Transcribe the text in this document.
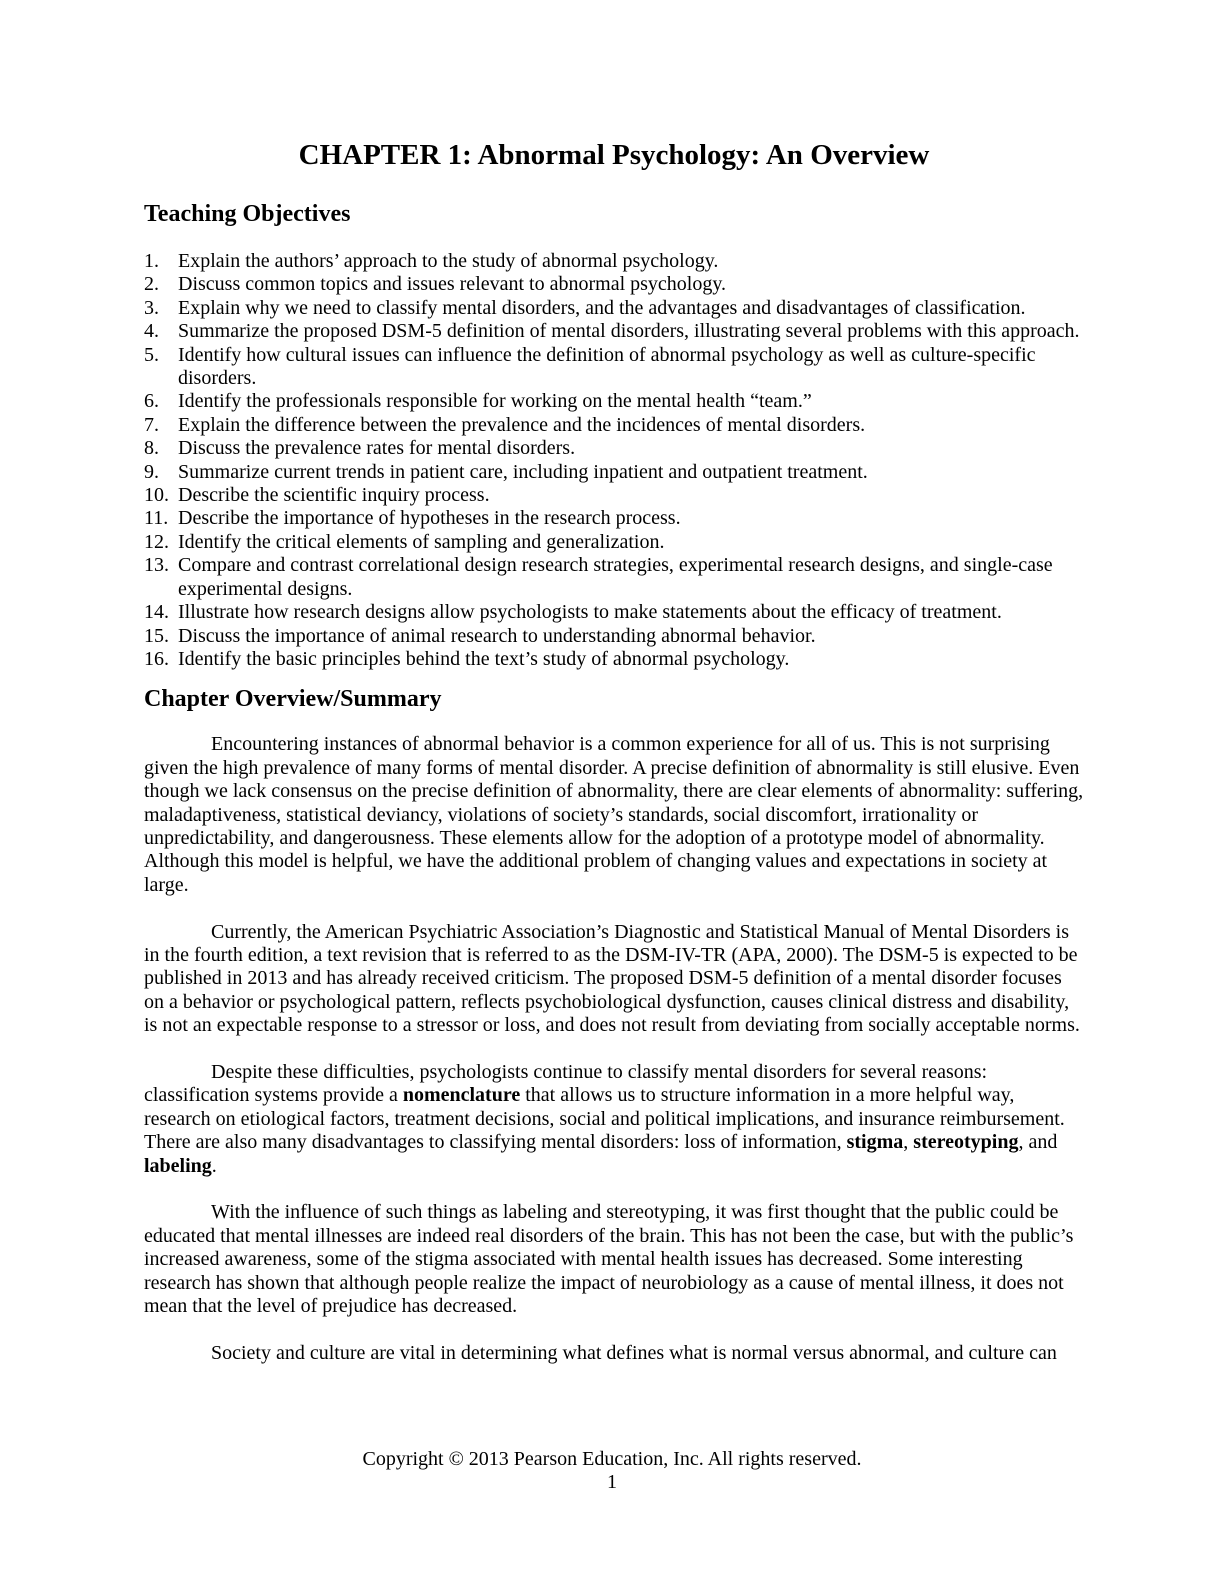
CHAPTER 1: Abnormal Psychology: An Overview
Teaching Objectives
1. Explain the authors’ approach to the study of abnormal psychology.
2. Discuss common topics and issues relevant to abnormal psychology.
3. Explain why we need to classify mental disorders, and the advantages and disadvantages of classification.
4. Summarize the proposed DSM-5 definition of mental disorders, illustrating several problems with this approach.
5. Identify how cultural issues can influence the definition of abnormal psychology as well as culture-specific disorders.
6. Identify the professionals responsible for working on the mental health “team.”
7. Explain the difference between the prevalence and the incidences of mental disorders.
8. Discuss the prevalence rates for mental disorders.
9. Summarize current trends in patient care, including inpatient and outpatient treatment.
10. Describe the scientific inquiry process.
11. Describe the importance of hypotheses in the research process.
12. Identify the critical elements of sampling and generalization.
13. Compare and contrast correlational design research strategies, experimental research designs, and single-case experimental designs.
14. Illustrate how research designs allow psychologists to make statements about the efficacy of treatment.
15. Discuss the importance of animal research to understanding abnormal behavior.
16. Identify the basic principles behind the text’s study of abnormal psychology.
Chapter Overview/Summary

Encountering instances of abnormal behavior is a common experience for all of us. This is not surprising given the high prevalence of many forms of mental disorder. A precise definition of abnormality is still elusive. Even though we lack consensus on the precise definition of abnormality, there are clear elements of abnormality: suffering, maladaptiveness, statistical deviancy, violations of society’s standards, social discomfort, irrationality or unpredictability, and dangerousness. These elements allow for the adoption of a prototype model of abnormality. Although this model is helpful, we have the additional problem of changing values and expectations in society at large.

Currently, the American Psychiatric Association’s Diagnostic and Statistical Manual of Mental Disorders is in the fourth edition, a text revision that is referred to as the DSM-IV-TR (APA, 2000). The DSM-5 is expected to be published in 2013 and has already received criticism. The proposed DSM-5 definition of a mental disorder focuses on a behavior or psychological pattern, reflects psychobiological dysfunction, causes clinical distress and disability, is not an expectable response to a stressor or loss, and does not result from deviating from socially acceptable norms.

Despite these difficulties, psychologists continue to classify mental disorders for several reasons: classification systems provide a nomenclature that allows us to structure information in a more helpful way, research on etiological factors, treatment decisions, social and political implications, and insurance reimbursement. There are also many disadvantages to classifying mental disorders: loss of information, stigma, stereotyping, and labeling.

With the influence of such things as labeling and stereotyping, it was first thought that the public could be educated that mental illnesses are indeed real disorders of the brain. This has not been the case, but with the public’s increased awareness, some of the stigma associated with mental health issues has decreased. Some interesting research has shown that although people realize the impact of neurobiology as a cause of mental illness, it does not mean that the level of prejudice has decreased.

Society and culture are vital in determining what defines what is normal versus abnormal, and culture can

Copyright © 2013 Pearson Education, Inc. All rights reserved.
1
